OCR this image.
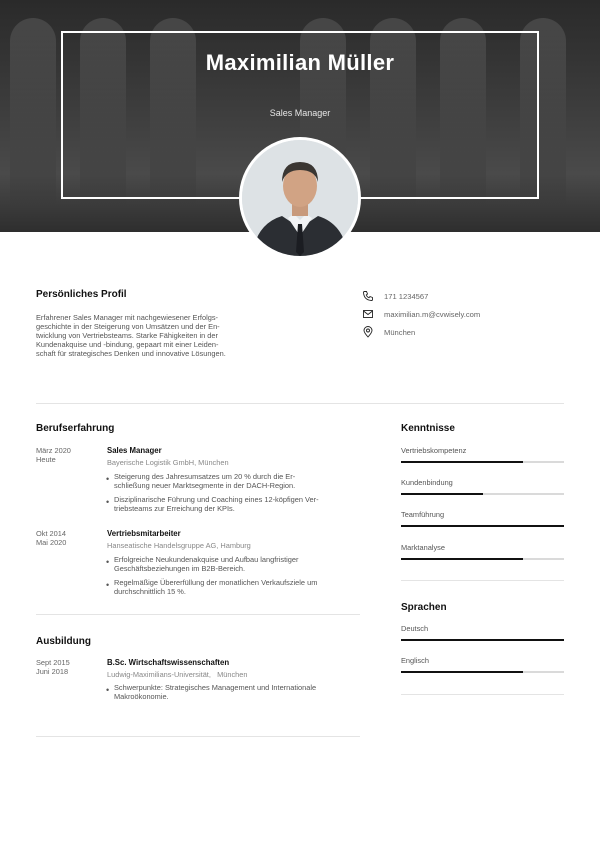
Maximilian Müller
Sales Manager
Persönliches Profil
Erfahrener Sales Manager mit nachgewiesener Erfolgs-
geschichte in der Steigerung von Umsätzen und der En-
twicklung von Vertriebsteams. Starke Fähigkeiten in der
Kundenakquise und -bindung, gepaart mit einer Leiden-
schaft für strategisches Denken und innovative Lösungen.
171 1234567
maximilian.m@cvwisely.com
München
Berufserfahrung
März 2020
Heute
Sales Manager
Bayerische Logistik GmbH, München
• Steigerung des Jahresumsatzes um 20 % durch die Er-
schließung neuer Marktsegmente in der DACH-Region.
• Disziplinarische Führung und Coaching eines 12-köpfigen Ver-
triebsteams zur Erreichung der KPIs.
Okt 2014
Mai 2020
Vertriebsmitarbeiter
Hanseatische Handelsgruppe AG, Hamburg
• Erfolgreiche Neukundenakquise und Aufbau langfristiger
Geschäftsbeziehungen im B2B-Bereich.
• Regelmäßige Übererfüllung der monatlichen Verkaufsziele um
durchschnittlich 15 %.
Ausbildung
Sept 2015
Juni 2018
B.Sc. Wirtschaftswissenschaften
Ludwig-Maximilians-Universität,   München
• Schwerpunkte: Strategisches Management und Internationale
Makroökonomie.
Kenntnisse
Vertriebskompetenz
Kundenbindung
Teamführung
Marktanalyse
Sprachen
Deutsch
Englisch
